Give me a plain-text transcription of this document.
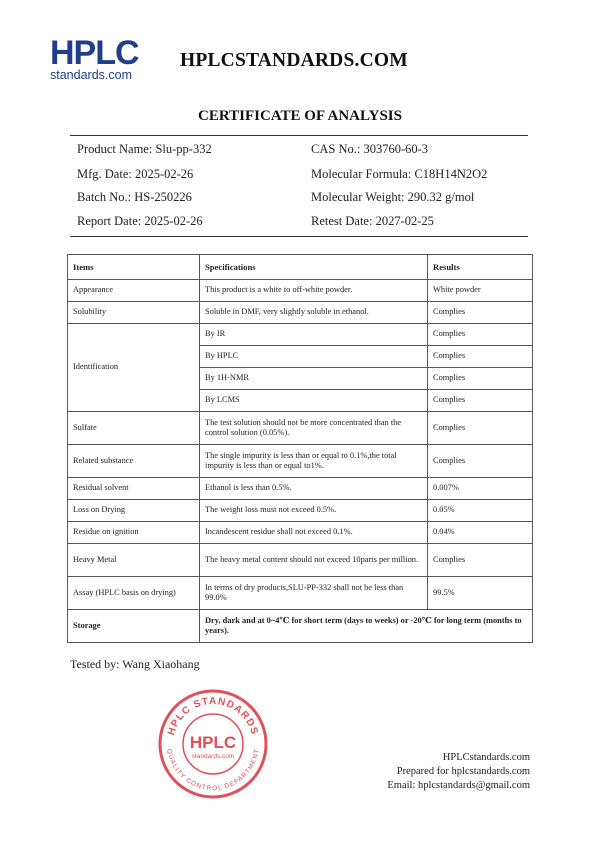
HPLC
standards.com
HPLCSTANDARDS.COM
CERTIFICATE OF ANALYSIS
Product Name: Slu-pp-332	CAS No.: 303760-60-3
Mfg. Date: 2025-02-26	Molecular Formula: C18H14N2O2
Batch No.: HS-250226	Molecular Weight: 290.32 g/mol
Report Date: 2025-02-26	Retest Date: 2027-02-25
Items	Specifications	Results
Appearance	This product is a white to off-white powder.	White powder
Solubility	Soluble in DMF, very slightly soluble in ethanol.	Complies
Identification	By IR	Complies
	By HPLC	Complies
	By 1H-NMR	Complies
	By LCMS	Complies
Sulfate	The test solution should not be more concentrated than the control solution (0.05%).	Complies
Related substance	The single impurity is less than or equal to 0.1%,the total impurity is less than or equal to1%.	Complies
Residual solvent	Ethanol is less than 0.5%.	0.007%
Loss on Drying	The weight loss must not exceed 0.5%.	0.05%
Residue on ignition	Incandescent residue shall not exceed 0.1%.	0.04%
Heavy Metal	The heavy metal content should not exceed 10parts per million.	Complies
Assay (HPLC basis on drying)	In terms of dry products,SLU-PP-332 shall not be less than 99.0%	99.5%
Storage	Dry, dark and at 0~4℃ for short term (days to weeks) or -20℃ for long term (months to years).	
Tested by: Wang Xiaohang
HPLC STANDARDS
QUALITY CONTROL DEPARTMENT
HPLC
standards.com	HPLCstandards.com
Prepared for hplcstandards.com
Email: hplcstandards@gmail.com
